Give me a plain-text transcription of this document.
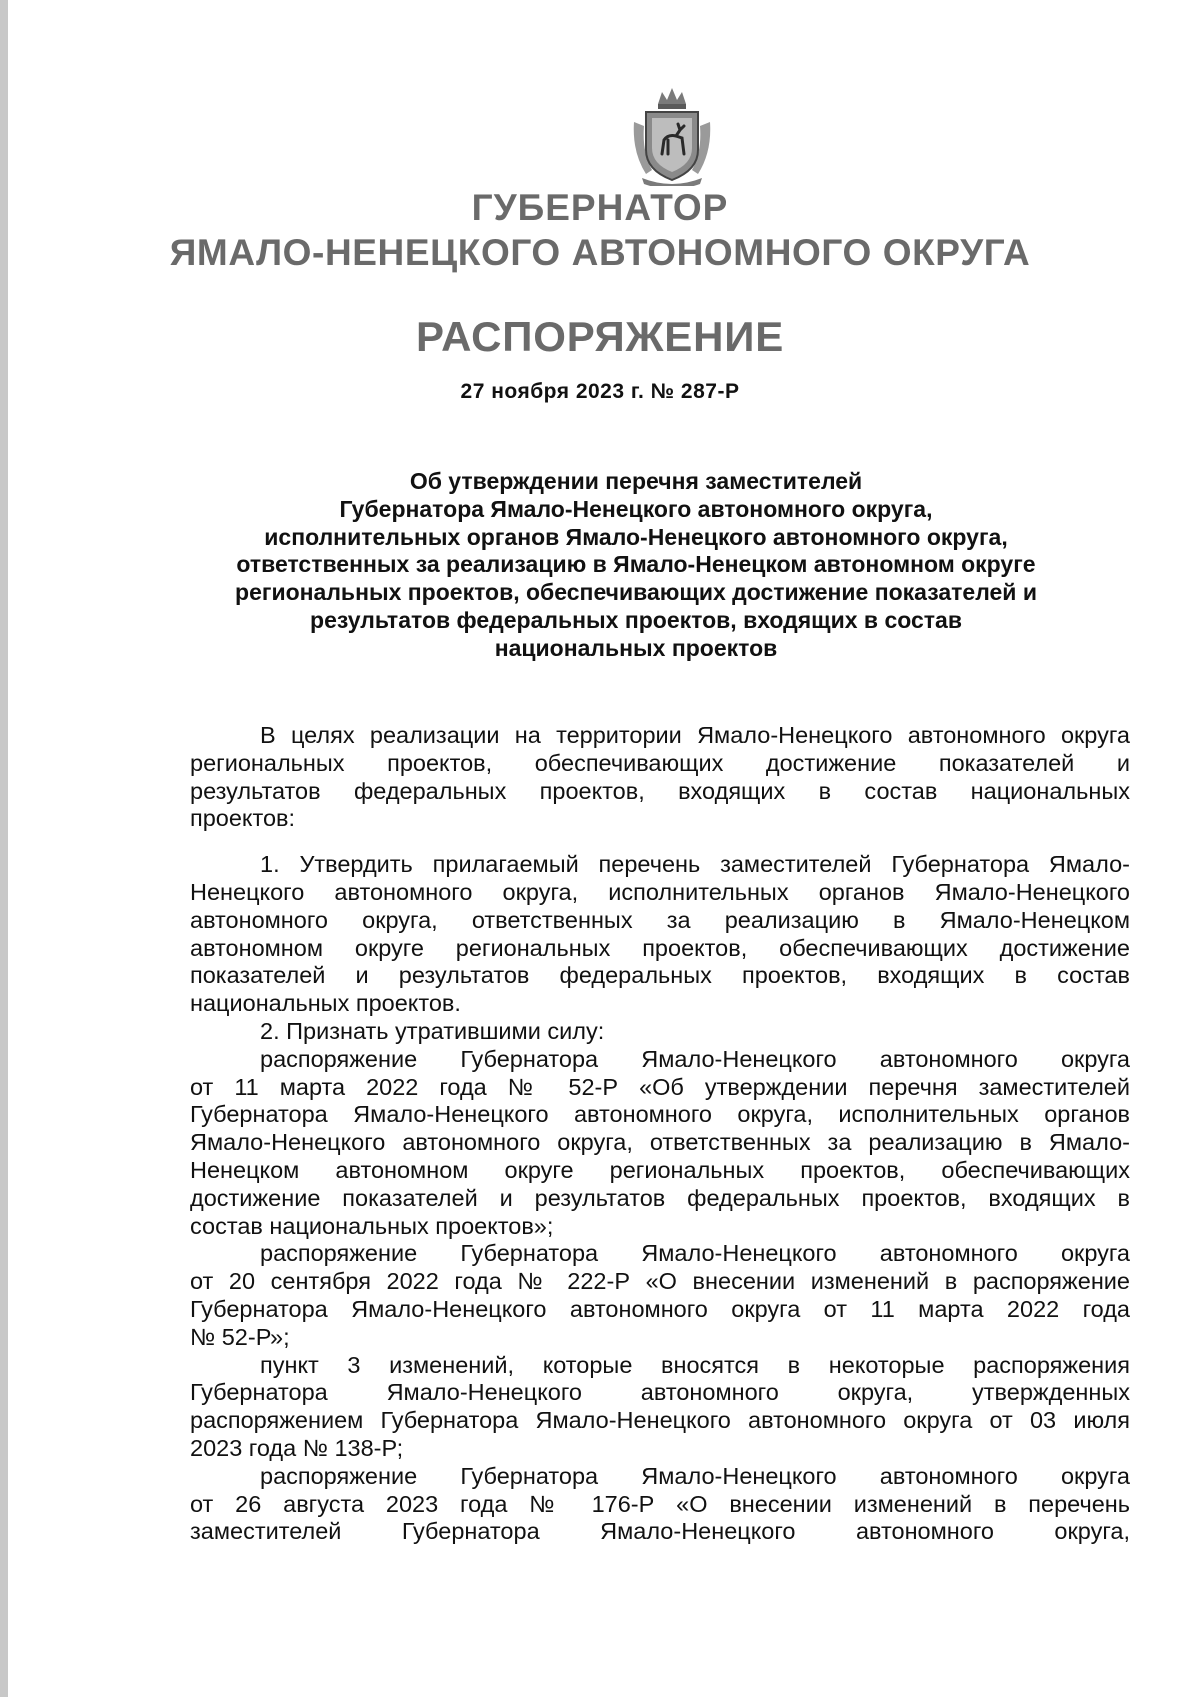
ГУБЕРНАТОР
ЯМАЛО-НЕНЕЦКОГО АВТОНОМНОГО ОКРУГА
РАСПОРЯЖЕНИЕ
27 ноября 2023 г. № 287-Р
Об утверждении перечня заместителей
Губернатора Ямало-Ненецкого автономного округа,
исполнительных органов Ямало-Ненецкого автономного округа,
ответственных за реализацию в Ямало-Ненецком автономном округе
региональных проектов, обеспечивающих достижение показателей и
результатов федеральных проектов, входящих в состав
национальных проектов
В целях реализации на территории Ямало-Ненецкого автономного округа
региональных проектов, обеспечивающих достижение показателей и
результатов федеральных проектов, входящих в состав национальных
проектов:
1. Утвердить прилагаемый перечень заместителей Губернатора Ямало-
Ненецкого автономного округа, исполнительных органов Ямало-Ненецкого
автономного округа, ответственных за реализацию в Ямало-Ненецком
автономном округе региональных проектов, обеспечивающих достижение
показателей и результатов федеральных проектов, входящих в состав
национальных проектов.
2. Признать утратившими силу:
распоряжение Губернатора Ямало-Ненецкого автономного округа
от 11 марта 2022 года № 52-Р «Об утверждении перечня заместителей
Губернатора Ямало-Ненецкого автономного округа, исполнительных органов
Ямало-Ненецкого автономного округа, ответственных за реализацию в Ямало-
Ненецком автономном округе региональных проектов, обеспечивающих
достижение показателей и результатов федеральных проектов, входящих в
состав национальных проектов»;
распоряжение Губернатора Ямало-Ненецкого автономного округа
от 20 сентября 2022 года № 222-Р «О внесении изменений в распоряжение
Губернатора Ямало-Ненецкого автономного округа от 11 марта 2022 года
№ 52-Р»;
пункт 3 изменений, которые вносятся в некоторые распоряжения
Губернатора Ямало-Ненецкого автономного округа, утвержденных
распоряжением Губернатора Ямало-Ненецкого автономного округа от 03 июля
2023 года № 138-Р;
распоряжение Губернатора Ямало-Ненецкого автономного округа
от 26 августа 2023 года № 176-Р «О внесении изменений в перечень
заместителей Губернатора Ямало-Ненецкого автономного округа,
